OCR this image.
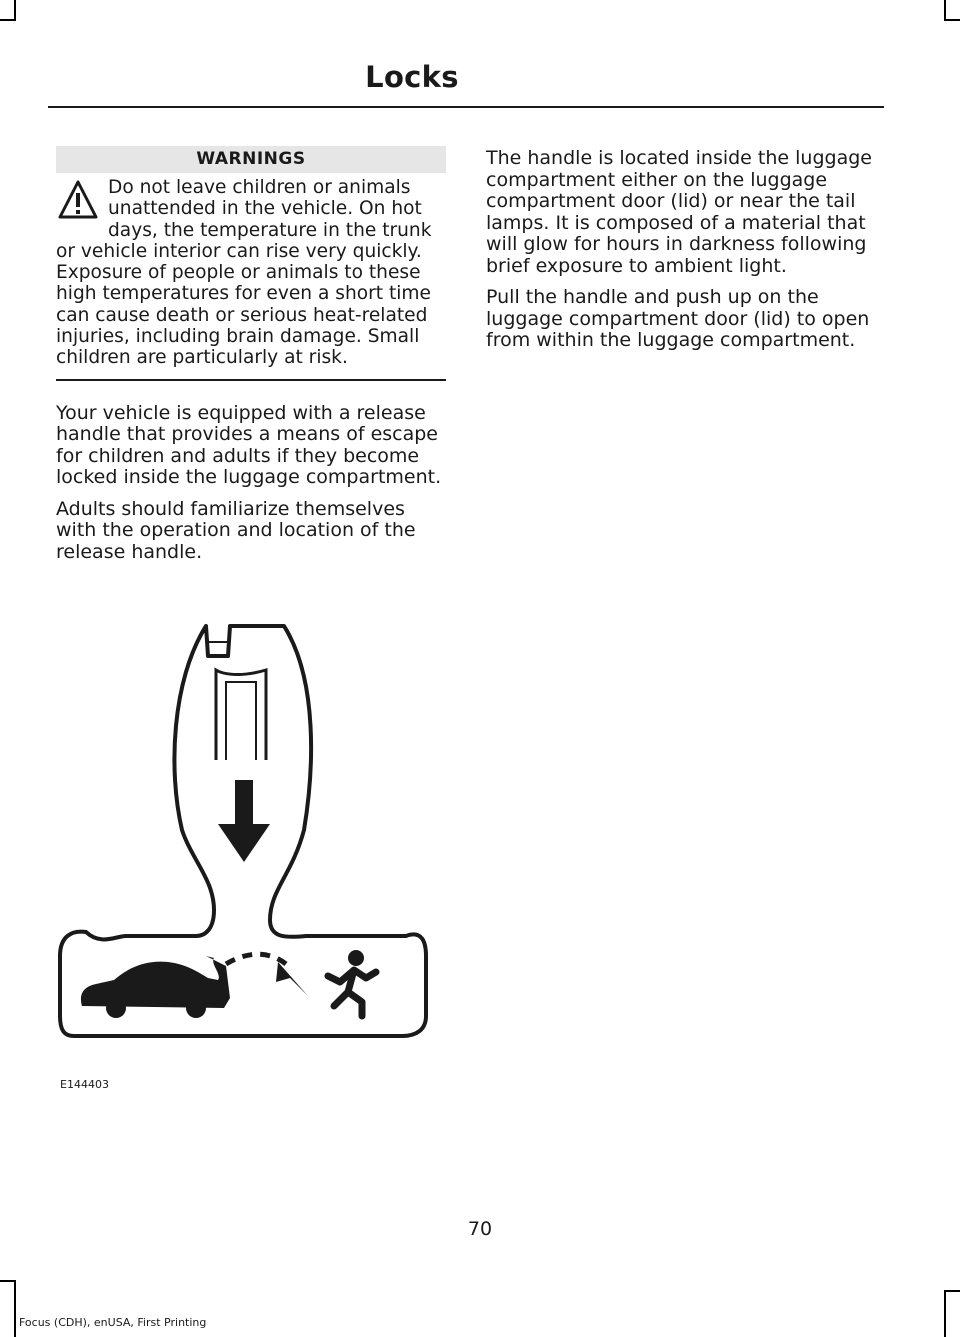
Locks
WARNINGS

Do not leave children or animals unattended in the vehicle. On hot days, the temperature in the trunk or vehicle interior can rise very quickly. Exposure of people or animals to these high temperatures for even a short time can cause death or serious heat-related injuries, including brain damage. Small children are particularly at risk.

Your vehicle is equipped with a release handle that provides a means of escape for children and adults if they become locked inside the luggage compartment.

Adults should familiarize themselves with the operation and location of the release handle.

The handle is located inside the luggage compartment either on the luggage compartment door (lid) or near the tail lamps. It is composed of a material that will glow for hours in darkness following brief exposure to ambient light.

Pull the handle and push up on the luggage compartment door (lid) to open from within the luggage compartment.

E144403
70
Focus (CDH), enUSA, First Printing
